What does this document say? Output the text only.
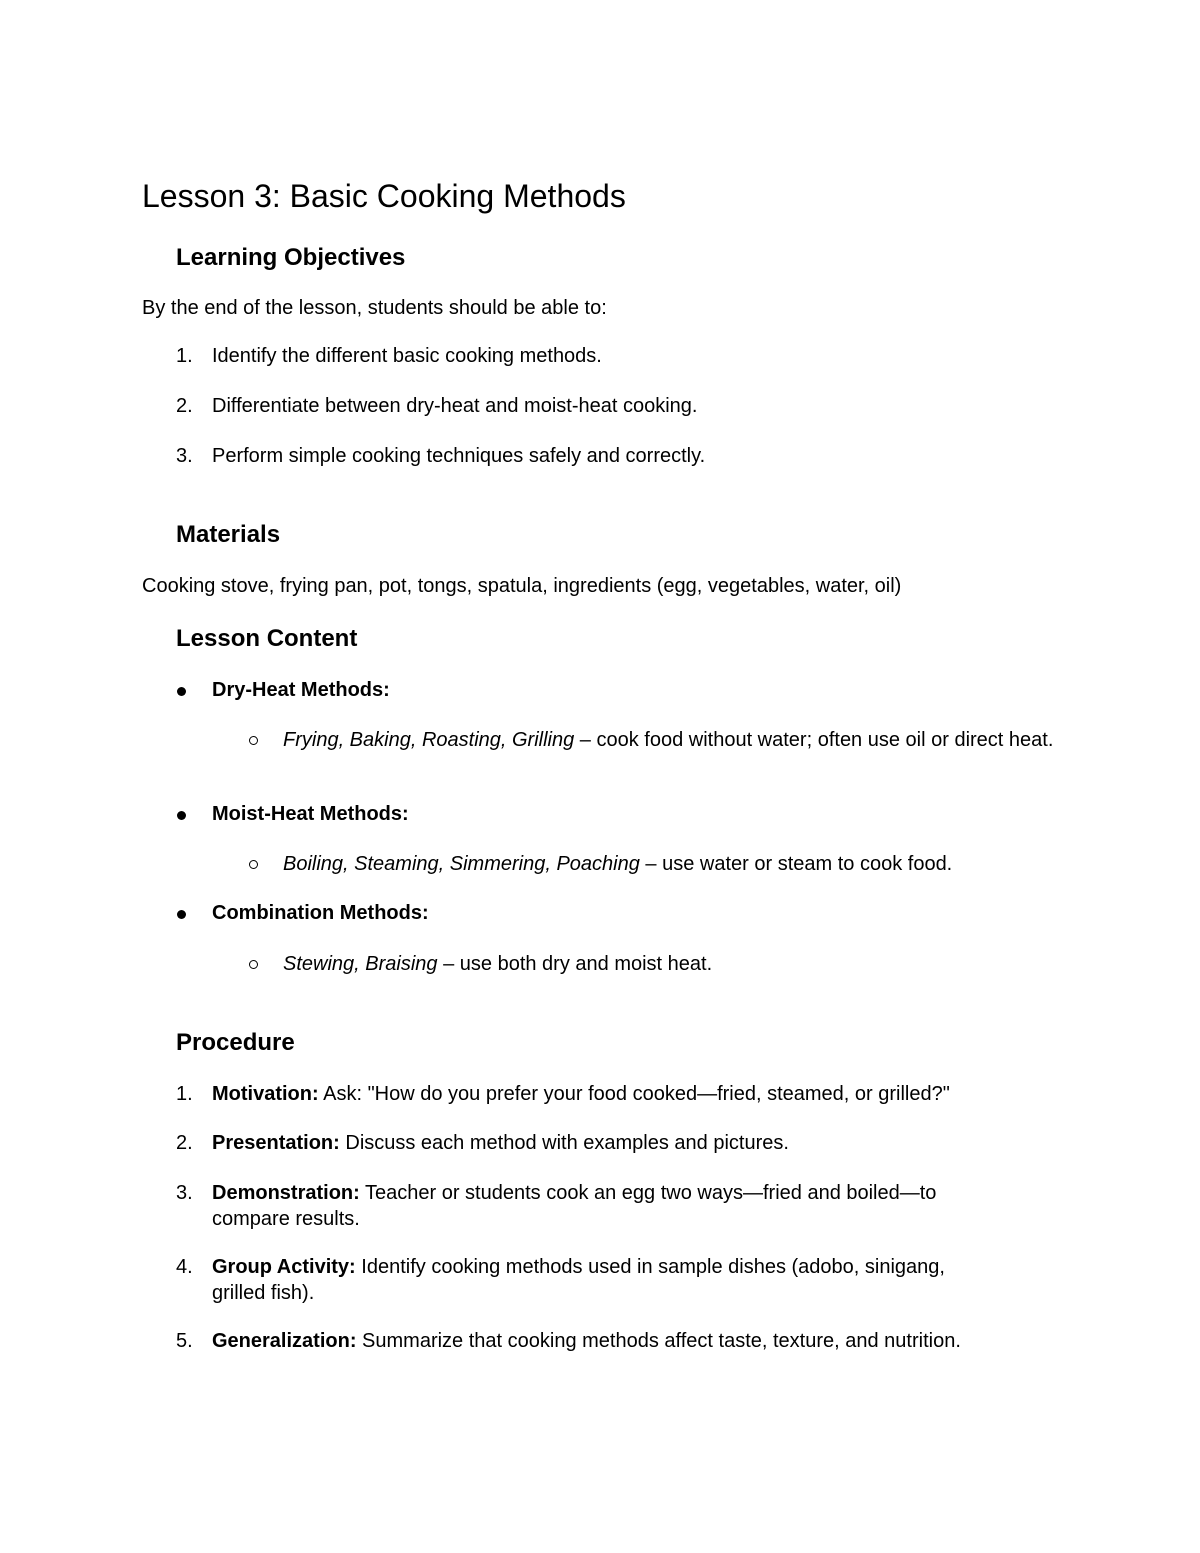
Lesson 3: Basic Cooking Methods
Learning Objectives

By the end of the lesson, students should be able to:

1. Identify the different basic cooking methods.
2. Differentiate between dry-heat and moist-heat cooking.
3. Perform simple cooking techniques safely and correctly.
Materials

Cooking stove, frying pan, pot, tongs, spatula, ingredients (egg, vegetables, water, oil)

Lesson Content
Dry-Heat Methods:

Frying, Baking, Roasting, Grilling – cook food without water; often use oil or direct heat.

Moist-Heat Methods:

Boiling, Steaming, Simmering, Poaching – use water or steam to cook food.

Combination Methods:

Stewing, Braising – use both dry and moist heat.

Procedure
1. Motivation: Ask: "How do you prefer your food cooked—fried, steamed, or grilled?"

2. Presentation: Discuss each method with examples and pictures.

3. Demonstration: Teacher or students cook an egg two ways—fried and boiled—to compare results.

4. Group Activity: Identify cooking methods used in sample dishes (adobo, sinigang, grilled fish).

5. Generalization: Summarize that cooking methods affect taste, texture, and nutrition.
